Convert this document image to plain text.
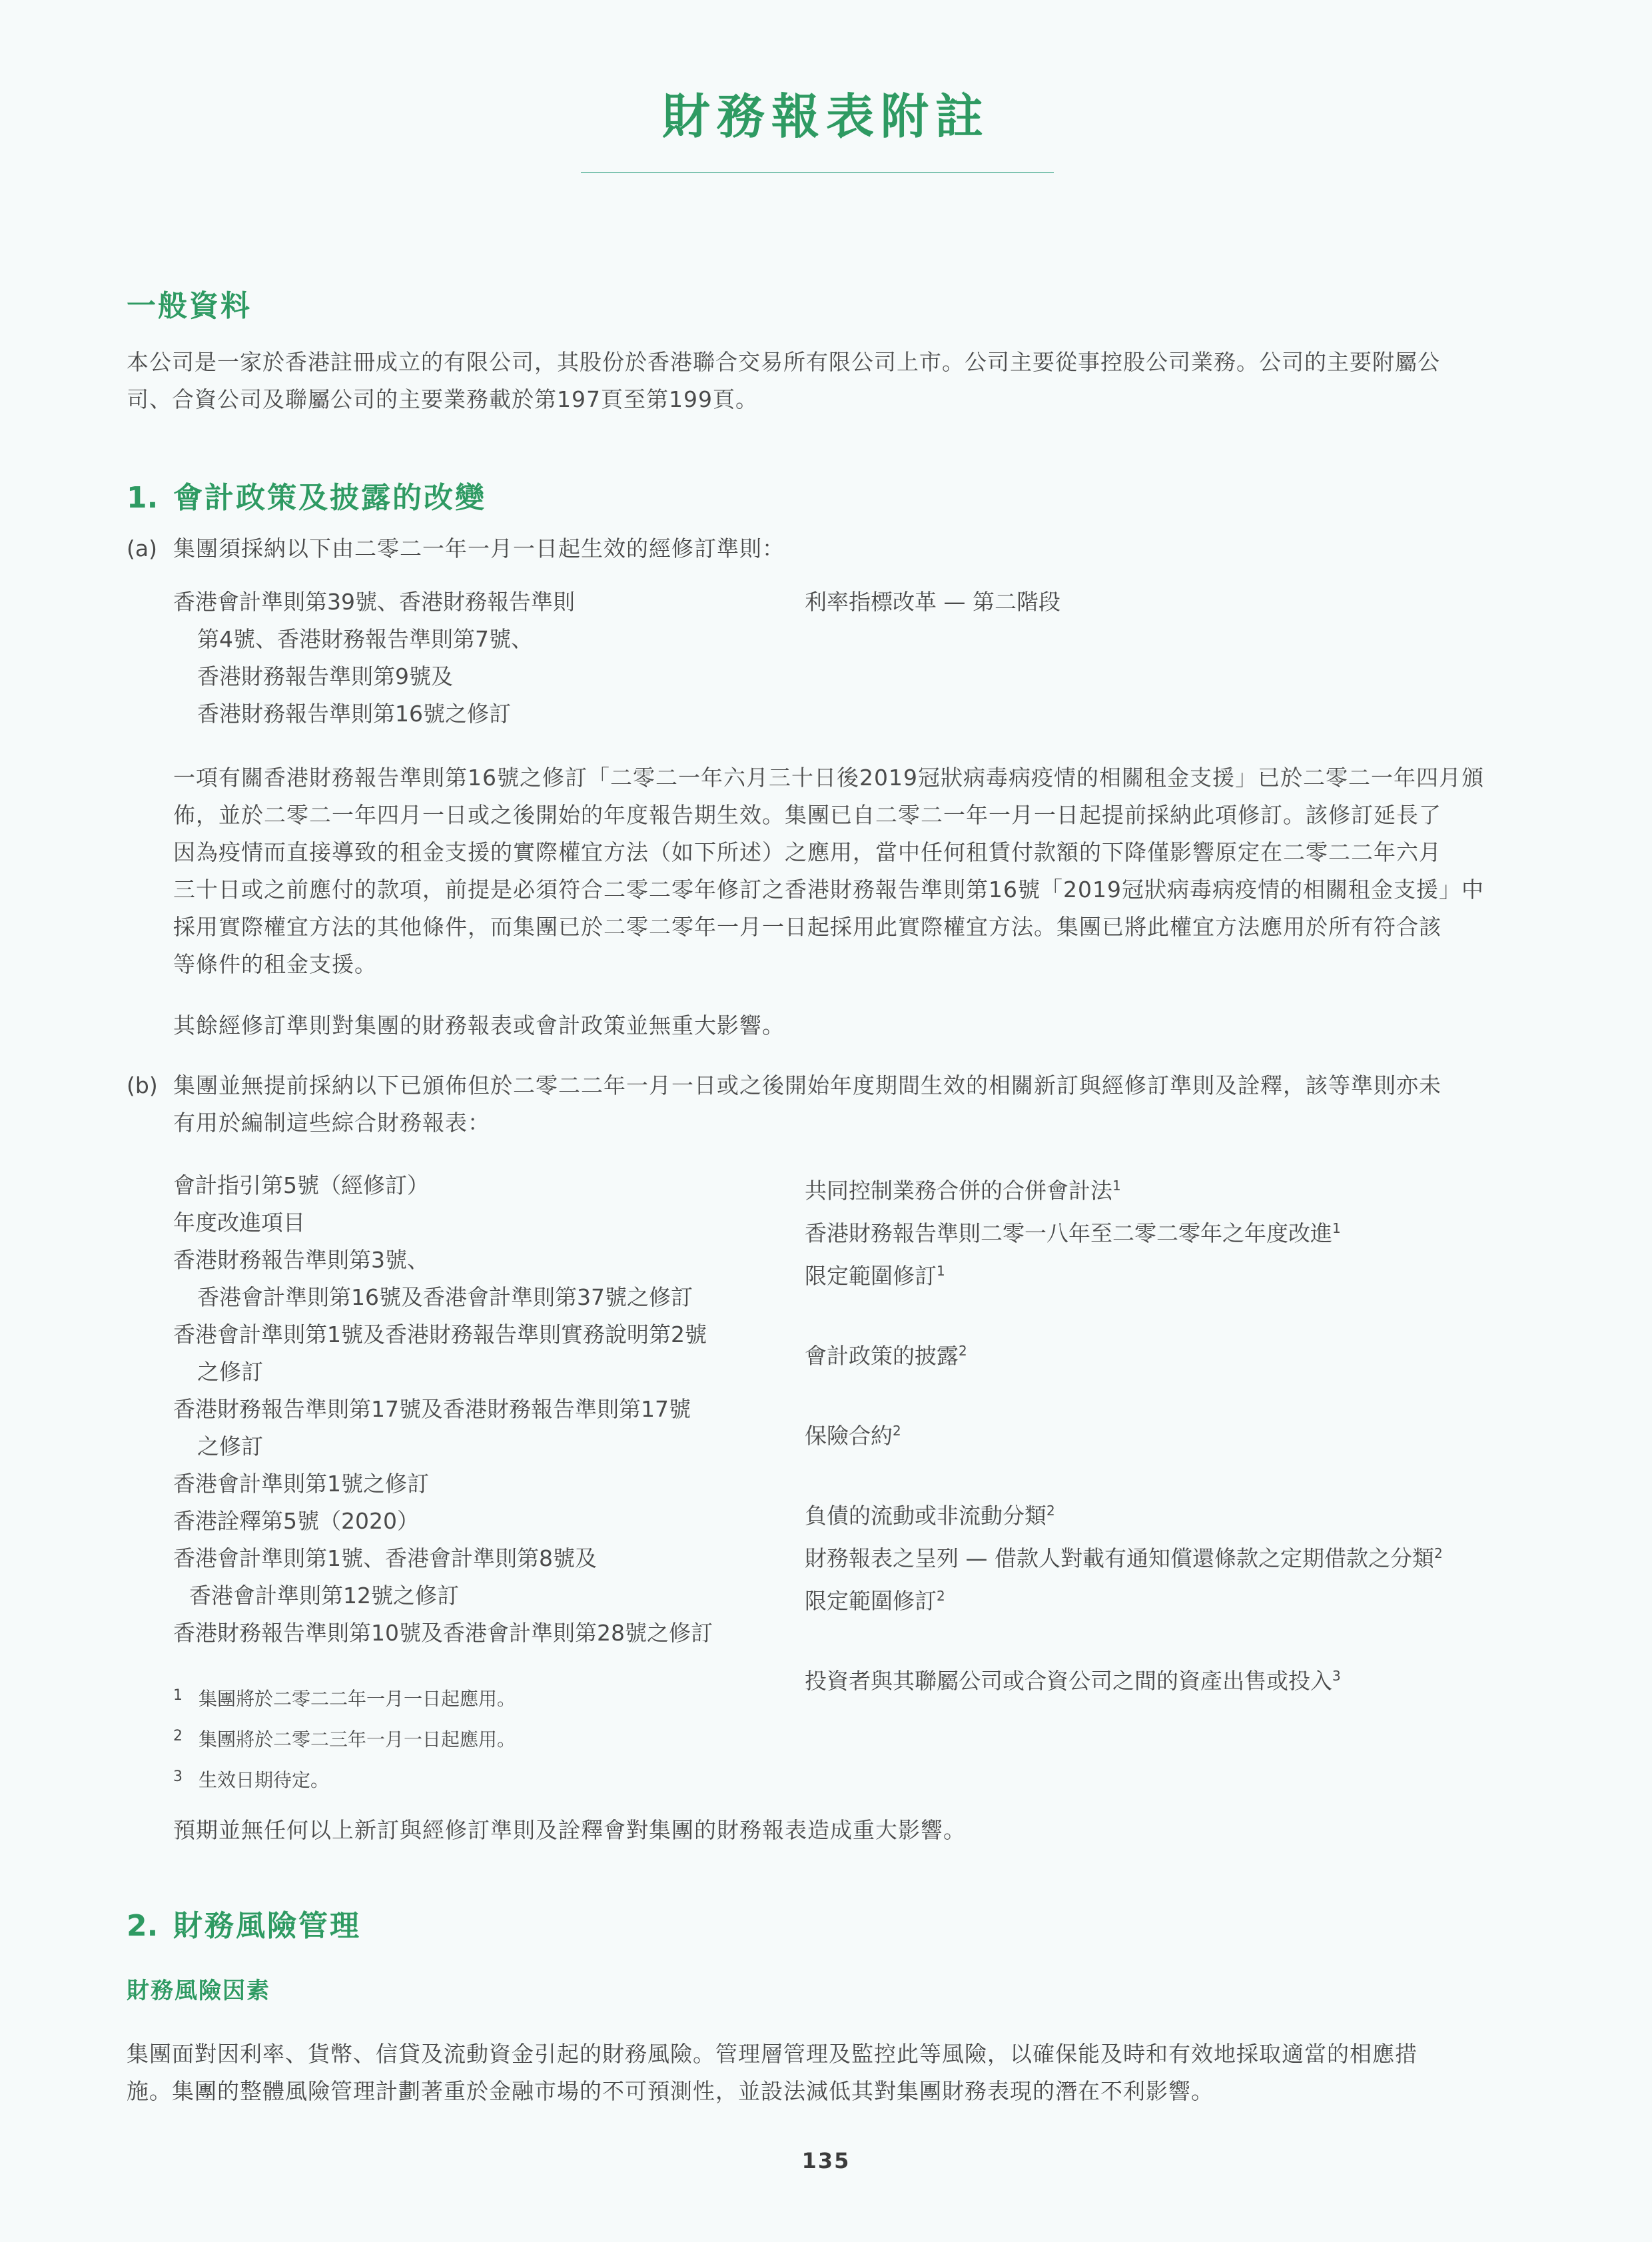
財務報表附註
一般資料
本公司是一家於香港註冊成立的有限公司，其股份於香港聯合交易所有限公司上市。公司主要從事控股公司業務。公司的主要附屬公
司、合資公司及聯屬公司的主要業務載於第197頁至第199頁。
1. 會計政策及披露的改變
(a) 集團須採納以下由二零二一年一月一日起生效的經修訂準則：
香港會計準則第39號、香港財務報告準則
第4號、香港財務報告準則第7號、
香港財務報告準則第9號及
香港財務報告準則第16號之修訂
利率指標改革 — 第二階段
一項有關香港財務報告準則第16號之修訂「二零二一年六月三十日後2019冠狀病毒病疫情的相關租金支援」已於二零二一年四月頒
佈，並於二零二一年四月一日或之後開始的年度報告期生效。集團已自二零二一年一月一日起提前採納此項修訂。該修訂延長了
因為疫情而直接導致的租金支援的實際權宜方法（如下所述）之應用，當中任何租賃付款額的下降僅影響原定在二零二二年六月
三十日或之前應付的款項，前提是必須符合二零二零年修訂之香港財務報告準則第16號「2019冠狀病毒病疫情的相關租金支援」中
採用實際權宜方法的其他條件，而集團已於二零二零年一月一日起採用此實際權宜方法。集團已將此權宜方法應用於所有符合該
等條件的租金支援。
其餘經修訂準則對集團的財務報表或會計政策並無重大影響。
(b) 集團並無提前採納以下已頒佈但於二零二二年一月一日或之後開始年度期間生效的相關新訂與經修訂準則及詮釋，該等準則亦未
有用於編制這些綜合財務報表：
會計指引第5號（經修訂）
年度改進項目
香港財務報告準則第3號、
香港會計準則第16號及香港會計準則第37號之修訂
香港會計準則第1號及香港財務報告準則實務說明第2號
之修訂
香港財務報告準則第17號及香港財務報告準則第17號
之修訂
香港會計準則第1號之修訂
香港詮釋第5號（2020）
香港會計準則第1號、香港會計準則第8號及
香港會計準則第12號之修訂
香港財務報告準則第10號及香港會計準則第28號之修訂
共同控制業務合併的合併會計法$^1$
香港財務報告準則二零一八年至二零二零年之年度改進$^1$
限定範圍修訂$^1$

會計政策的披露$^2$

保險合約$^2$

負債的流動或非流動分類$^2$
財務報表之呈列 — 借款人對載有通知償還條款之定期借款之分類$^2$
限定範圍修訂$^2$

投資者與其聯屬公司或合資公司之間的資產出售或投入$^3$
1 集團將於二零二二年一月一日起應用。
2 集團將於二零二三年一月一日起應用。
3 生效日期待定。
預期並無任何以上新訂與經修訂準則及詮釋會對集團的財務報表造成重大影響。
2. 財務風險管理
財務風險因素
集團面對因利率、貨幣、信貸及流動資金引起的財務風險。管理層管理及監控此等風險，以確保能及時和有效地採取適當的相應措
施。集團的整體風險管理計劃著重於金融市場的不可預測性，並設法減低其對集團財務表現的潛在不利影響。
135
